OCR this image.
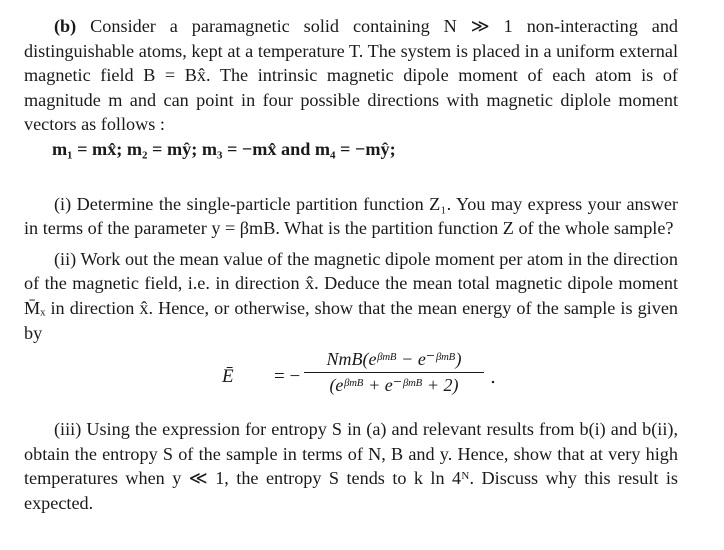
(b) Consider a paramagnetic solid containing N ≫ 1 non-interacting and distinguishable atoms, kept at a temperature T. The system is placed in a uniform external magnetic field B = Bx̂. The intrinsic magnetic dipole moment of each atom is of magnitude m and can point in four possible directions with magnetic diplole moment vectors as follows :

m₁ = mx̂; m₂ = mŷ; m₃ = −mx̂ and m₄ = −mŷ;

(i) Determine the single-particle partition function Z₁. You may express your answer in terms of the parameter y = βmB. What is the partition function Z of the whole sample?

(ii) Work out the mean value of the magnetic dipole moment per atom in the direction of the magnetic field, i.e. in direction x̂. Deduce the mean total magnetic dipole moment M̄ₓ in direction x̂. Hence, or otherwise, show that the mean energy of the sample is given by

Ē = −
NmB(eᵝᵐᴮ − e⁻ᵝᵐᴮ)
(eᵝᵐᴮ + e⁻ᵝᵐᴮ + 2)	.

(iii) Using the expression for entropy S in (a) and relevant results from b(i) and b(ii), obtain the entropy S of the sample in terms of N, B and y. Hence, show that at very high temperatures when y ≪ 1, the entropy S tends to k ln 4ᴺ. Discuss why this result is expected.
